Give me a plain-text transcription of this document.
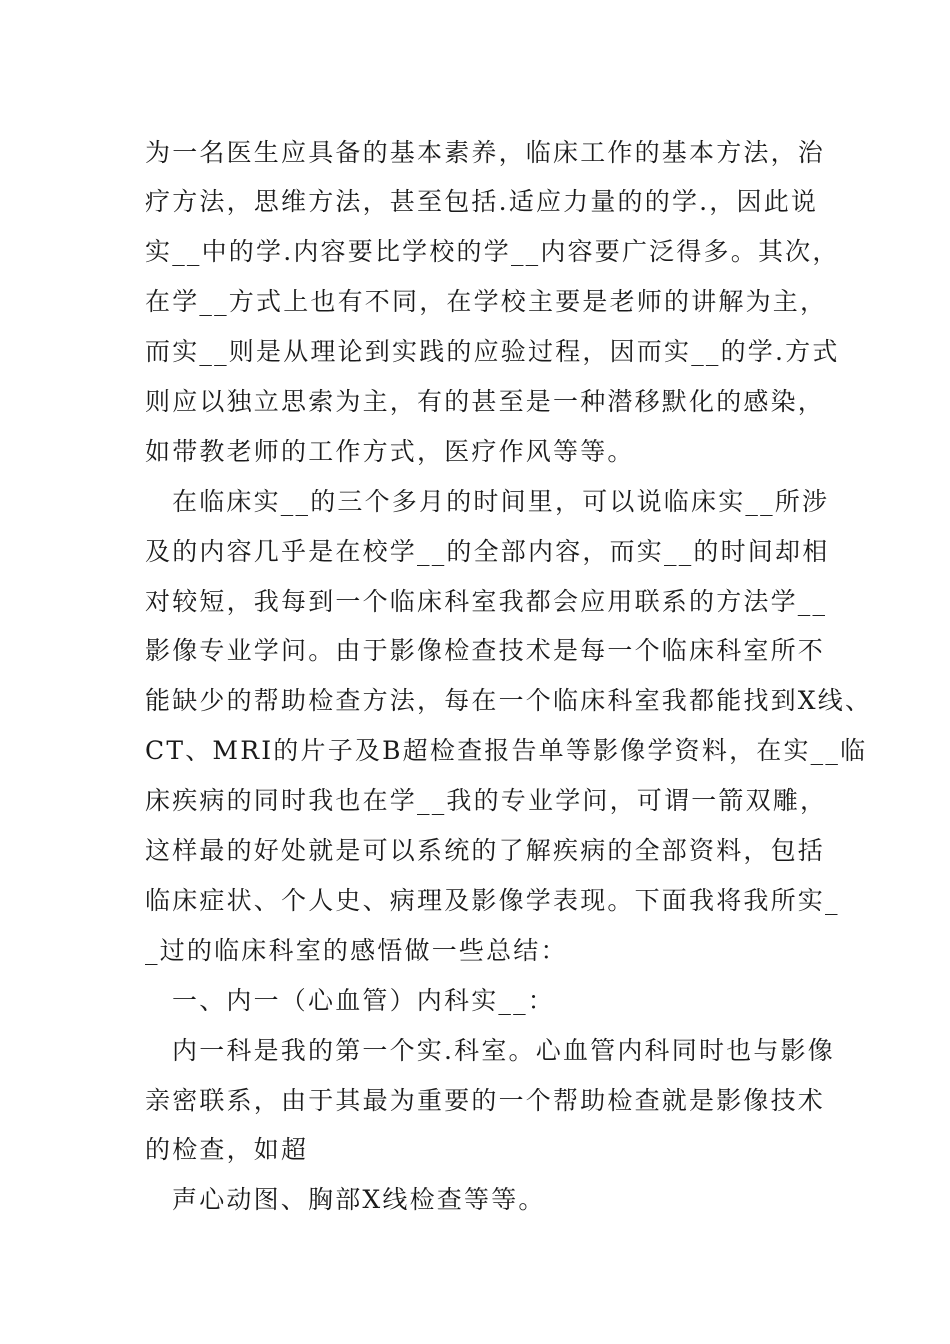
为一名医生应具备的基本素养，临床工作的基本方法，治
疗方法，思维方法，甚至包括.适应力量的的学.，因此说
实__中的学.内容要比学校的学__内容要广泛得多。其次，
在学__方式上也有不同，在学校主要是老师的讲解为主，
而实__则是从理论到实践的应验过程，因而实__的学.方式
则应以独立思索为主，有的甚至是一种潜移默化的感染，
如带教老师的工作方式，医疗作风等等。
在临床实__的三个多月的时间里，可以说临床实__所涉
及的内容几乎是在校学__的全部内容，而实__的时间却相
对较短，我每到一个临床科室我都会应用联系的方法学__
影像专业学问。由于影像检查技术是每一个临床科室所不
能缺少的帮助检查方法，每在一个临床科室我都能找到X线、
CT、MRI的片子及B超检查报告单等影像学资料，在实__临
床疾病的同时我也在学__我的专业学问，可谓一箭双雕，
这样最的好处就是可以系统的了解疾病的全部资料，包括
临床症状、个人史、病理及影像学表现。下面我将我所实_
_过的临床科室的感悟做一些总结：
一、内一（心血管）内科实__：
内一科是我的第一个实.科室。心血管内科同时也与影像
亲密联系，由于其最为重要的一个帮助检查就是影像技术
的检查，如超
声心动图、胸部X线检查等等。
